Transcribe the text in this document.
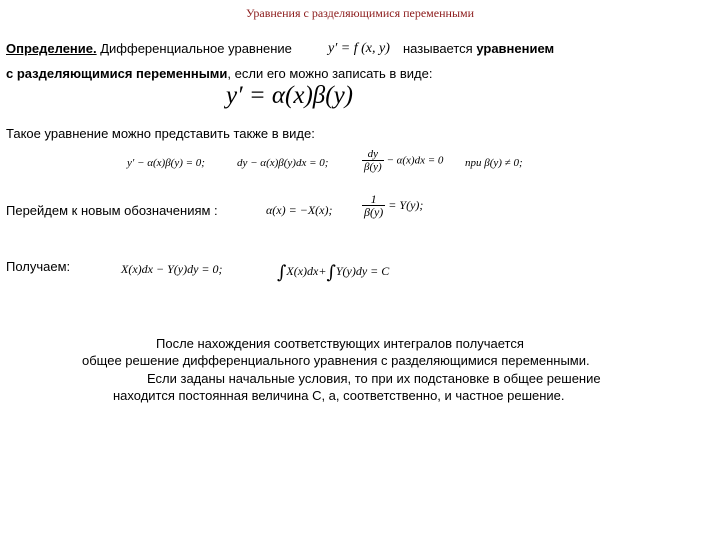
Уравнения с разделяющимися переменными
Определение. Дифференциальное уравнение	y′ = f (x, y) называется уравнением
с разделяющимися переменными, если его можно записать в виде:
y′ = α(x)β(y)
Такое уравнение можно представить также в виде:
y′ − α(x)β(y) = 0;	dy − α(x)β(y)dx = 0;	$\frac{dy}{\beta(y)} - \alpha(x)dx = 0$ при β(y) ≠ 0;
Перейдем к новым обозначениям :	α(x) = −X(x); $\frac{1}{\beta(y)} = Y(y)$;
Получаем:	X(x)dx − Y(y)dy = 0;	∫X(x)dx+∫Y(y)dy = C
После нахождения соответствующих интегралов получается
общее решение дифференциального уравнения с разделяющимися переменными.
Если заданы начальные условия, то при их подстановке в общее решение
находится постоянная величина С, а, соответственно, и частное решение.
